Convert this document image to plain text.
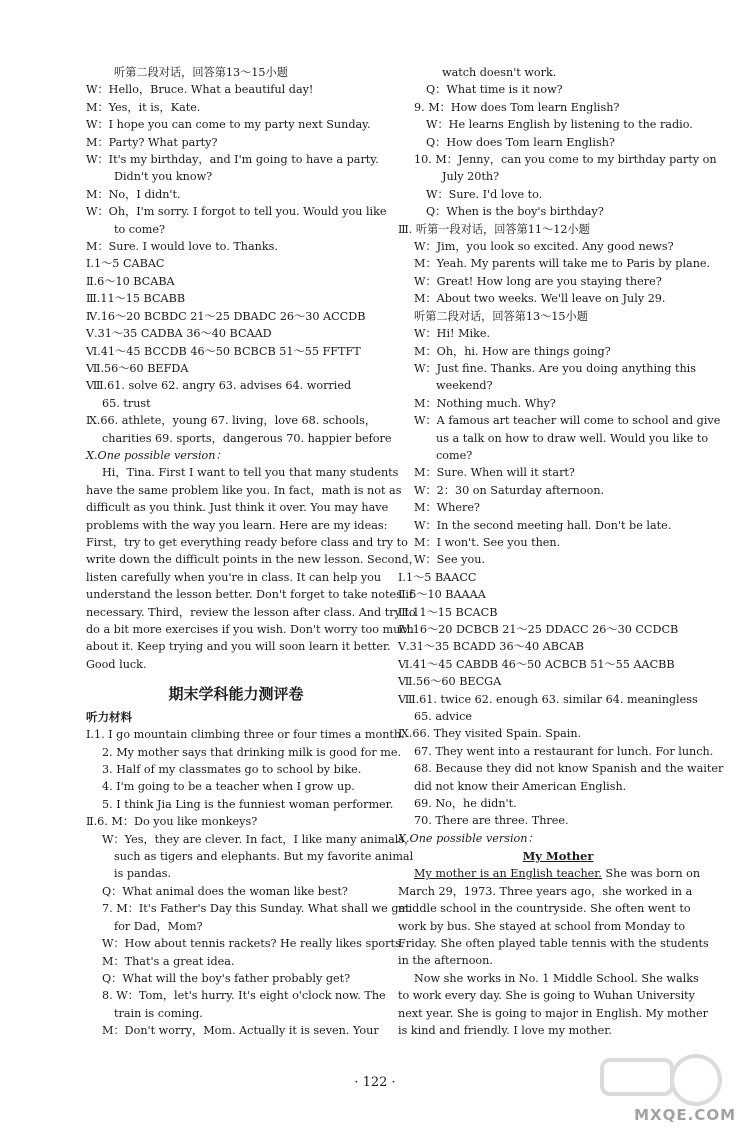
听第二段对话，回答第13～15小题
W：Hello，Bruce. What a beautiful day!
M：Yes，it is，Kate.
W：I hope you can come to my party next Sunday.
M：Party? What party?
W：It's my birthday，and I'm going to have a party.
Didn't you know?
M：No，I didn't.
W：Oh，I'm sorry. I forgot to tell you. Would you like
to come?
M：Sure. I would love to. Thanks.
Ⅰ.1～5 CABAC
Ⅱ.6～10 BCABA
Ⅲ.11～15 BCABB
Ⅳ.16～20 BCBDC 21～25 DBADC 26～30 ACCDB
Ⅴ.31～35 CADBA 36～40 BCAAD
Ⅵ.41～45 BCCDB 46～50 BCBCB 51～55 FFTFT
Ⅶ.56～60 BEFDA
Ⅷ.61. solve 62. angry 63. advises 64. worried
65. trust
Ⅸ.66. athlete，young 67. living，love 68. schools，
charities 69. sports，dangerous 70. happier before
Ⅹ.One possible version：
Hi，Tina. First I want to tell you that many students
have the same problem like you. In fact，math is not as
difficult as you think. Just think it over. You may have
problems with the way you learn. Here are my ideas:
First，try to get everything ready before class and try to
write down the difficult points in the new lesson. Second，
listen carefully when you're in class. It can help you
understand the lesson better. Don't forget to take notes if
necessary. Third，review the lesson after class. And try to
do a bit more exercises if you wish. Don't worry too much
about it. Keep trying and you will soon learn it better.
Good luck.
期末学科能力测评卷
听力材料
Ⅰ.1. I go mountain climbing three or four times a month.
2. My mother says that drinking milk is good for me.
3. Half of my classmates go to school by bike.
4. I'm going to be a teacher when I grow up.
5. I think Jia Ling is the funniest woman performer.
Ⅱ.6. M：Do you like monkeys?
W：Yes，they are clever. In fact，I like many animals，
such as tigers and elephants. But my favorite animal
is pandas.
Q：What animal does the woman like best?
7. M：It's Father's Day this Sunday. What shall we get
for Dad，Mom?
W：How about tennis rackets? He really likes sports.
M：That's a great idea.
Q：What will the boy's father probably get?
8. W：Tom，let's hurry. It's eight o'clock now. The
train is coming.
M：Don't worry，Mom. Actually it is seven. Your
watch doesn't work.
Q：What time is it now?
9. M：How does Tom learn English?
W：He learns English by listening to the radio.
Q：How does Tom learn English?
10. M：Jenny，can you come to my birthday party on
July 20th?
W：Sure. I'd love to.
Q：When is the boy's birthday?
Ⅲ. 听第一段对话，回答第11～12小题
W：Jim，you look so excited. Any good news?
M：Yeah. My parents will take me to Paris by plane.
W：Great! How long are you staying there?
M：About two weeks. We'll leave on July 29.
听第二段对话，回答第13～15小题
W：Hi! Mike.
M：Oh，hi. How are things going?
W：Just fine. Thanks. Are you doing anything this
weekend?
M：Nothing much. Why?
W：A famous art teacher will come to school and give
us a talk on how to draw well. Would you like to
come?
M：Sure. When will it start?
W：2：30 on Saturday afternoon.
M：Where?
W：In the second meeting hall. Don't be late.
M：I won't. See you then.
W：See you.
Ⅰ.1～5 BAACC
Ⅱ.6～10 BAAAA
Ⅲ.11～15 BCACB
Ⅳ.16～20 DCBCB 21～25 DDACC 26～30 CCDCB
Ⅴ.31～35 BCADD 36～40 ABCAB
Ⅵ.41～45 CABDB 46～50 ACBCB 51～55 AACBB
Ⅶ.56～60 BECGA
Ⅷ.61. twice 62. enough 63. similar 64. meaningless
65. advice
Ⅸ.66. They visited Spain. Spain.
67. They went into a restaurant for lunch. For lunch.
68. Because they did not know Spanish and the waiter
did not know their American English.
69. No，he didn't.
70. There are three. Three.
Ⅹ.One possible version：
My Mother
My mother is an English teacher. She was born on
March 29，1973. Three years ago，she worked in a
middle school in the countryside. She often went to
work by bus. She stayed at school from Monday to
Friday. She often played table tennis with the students
in the afternoon.
Now she works in No. 1 Middle School. She walks
to work every day. She is going to Wuhan University
next year. She is going to major in English. My mother
is kind and friendly. I love my mother.
· 122 ·
MXQE.COM
